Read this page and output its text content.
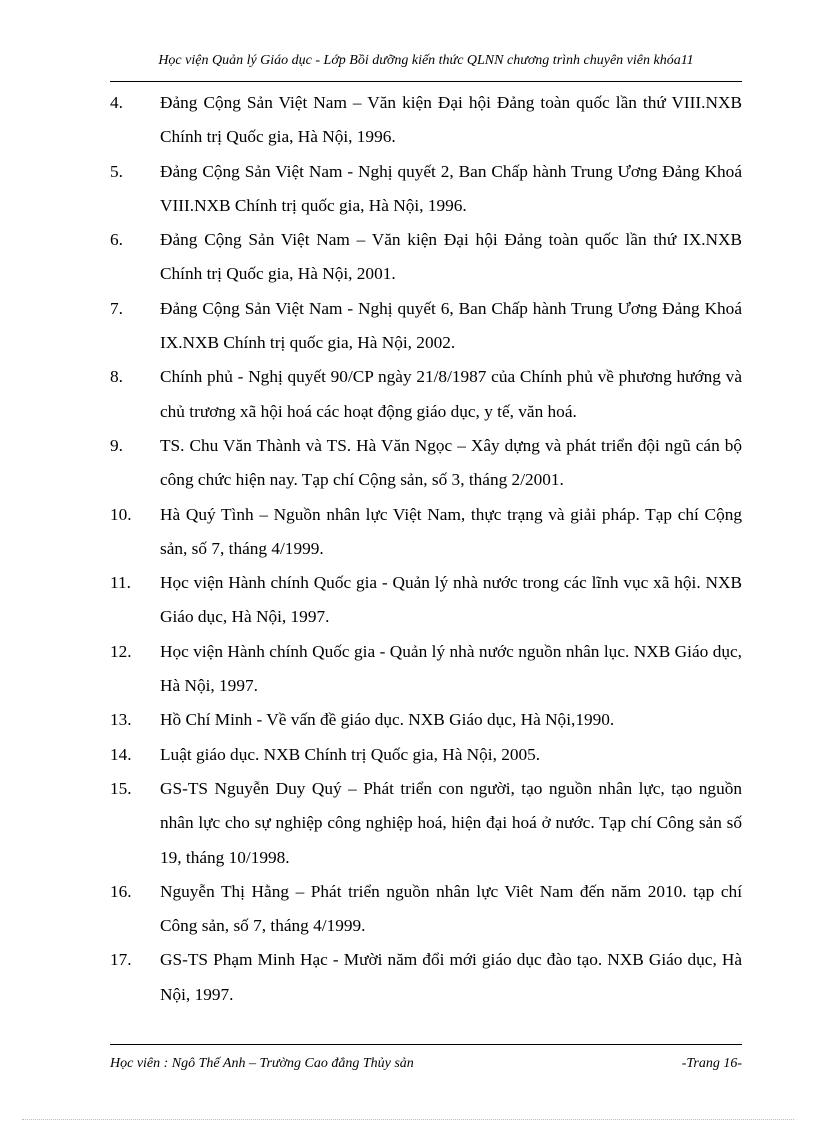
Học viện Quản lý Giáo dục - Lớp Bồi dưỡng kiến thức QLNN chương trình chuyên viên khóa11
4.	Đảng Cộng Sản Việt Nam – Văn kiện Đại hội Đảng toàn quốc lần thứ VIII.NXB Chính trị Quốc gia, Hà Nội, 1996.
5.	Đảng Cộng Sản Việt Nam - Nghị quyết 2, Ban Chấp hành Trung Ương Đảng Khoá VIII.NXB Chính trị quốc gia, Hà Nội, 1996.
6.	Đảng Cộng Sản Việt Nam – Văn kiện Đại hội Đảng toàn quốc lần thứ IX.NXB Chính trị Quốc gia, Hà Nội, 2001.
7.	Đảng Cộng Sản Việt Nam - Nghị quyết 6, Ban Chấp hành Trung Ương Đảng Khoá IX.NXB Chính trị quốc gia, Hà Nội, 2002.
8.	Chính phủ - Nghị quyết 90/CP ngày 21/8/1987 của Chính phủ về phương hướng và chủ trương xã hội hoá các hoạt động giáo dục, y tế, văn hoá.
9.	TS. Chu Văn Thành và TS. Hà Văn Ngọc – Xây dựng và phát triển đội ngũ cán bộ công chức hiện nay. Tạp chí Cộng sản, số 3, tháng 2/2001.
10.	Hà Quý Tình – Nguồn nhân lực Việt Nam, thực trạng và giải pháp. Tạp chí Cộng sản, số 7, tháng 4/1999.
11.	Học viện Hành chính Quốc gia - Quản lý nhà nước trong các lĩnh vục xã hội. NXB Giáo dục, Hà Nội, 1997.
12.	Học viện Hành chính Quốc gia - Quản lý nhà nước nguồn nhân lục. NXB Giáo dục, Hà Nội, 1997.
13.	Hồ Chí Minh - Về vấn đề giáo dục. NXB Giáo dục, Hà Nội,1990.
14.	Luật giáo dục. NXB Chính trị Quốc gia, Hà Nội, 2005.
15.	GS-TS Nguyễn Duy Quý – Phát triển con người, tạo nguồn nhân lực, tạo nguồn nhân lực cho sự nghiệp công nghiệp hoá, hiện đại hoá ở nước. Tạp chí Công sản số 19, tháng 10/1998.
16.	Nguyễn Thị Hằng – Phát triển nguồn nhân lực Viêt Nam đến năm 2010. tạp chí Công sản, số 7, tháng 4/1999.
17.	GS-TS Phạm Minh Hạc - Mười năm đổi mới giáo dục đào tạo. NXB Giáo dục, Hà Nội, 1997.
Học viên : Ngô Thế Anh – Trường Cao đẳng Thủy sản	-Trang 16-
